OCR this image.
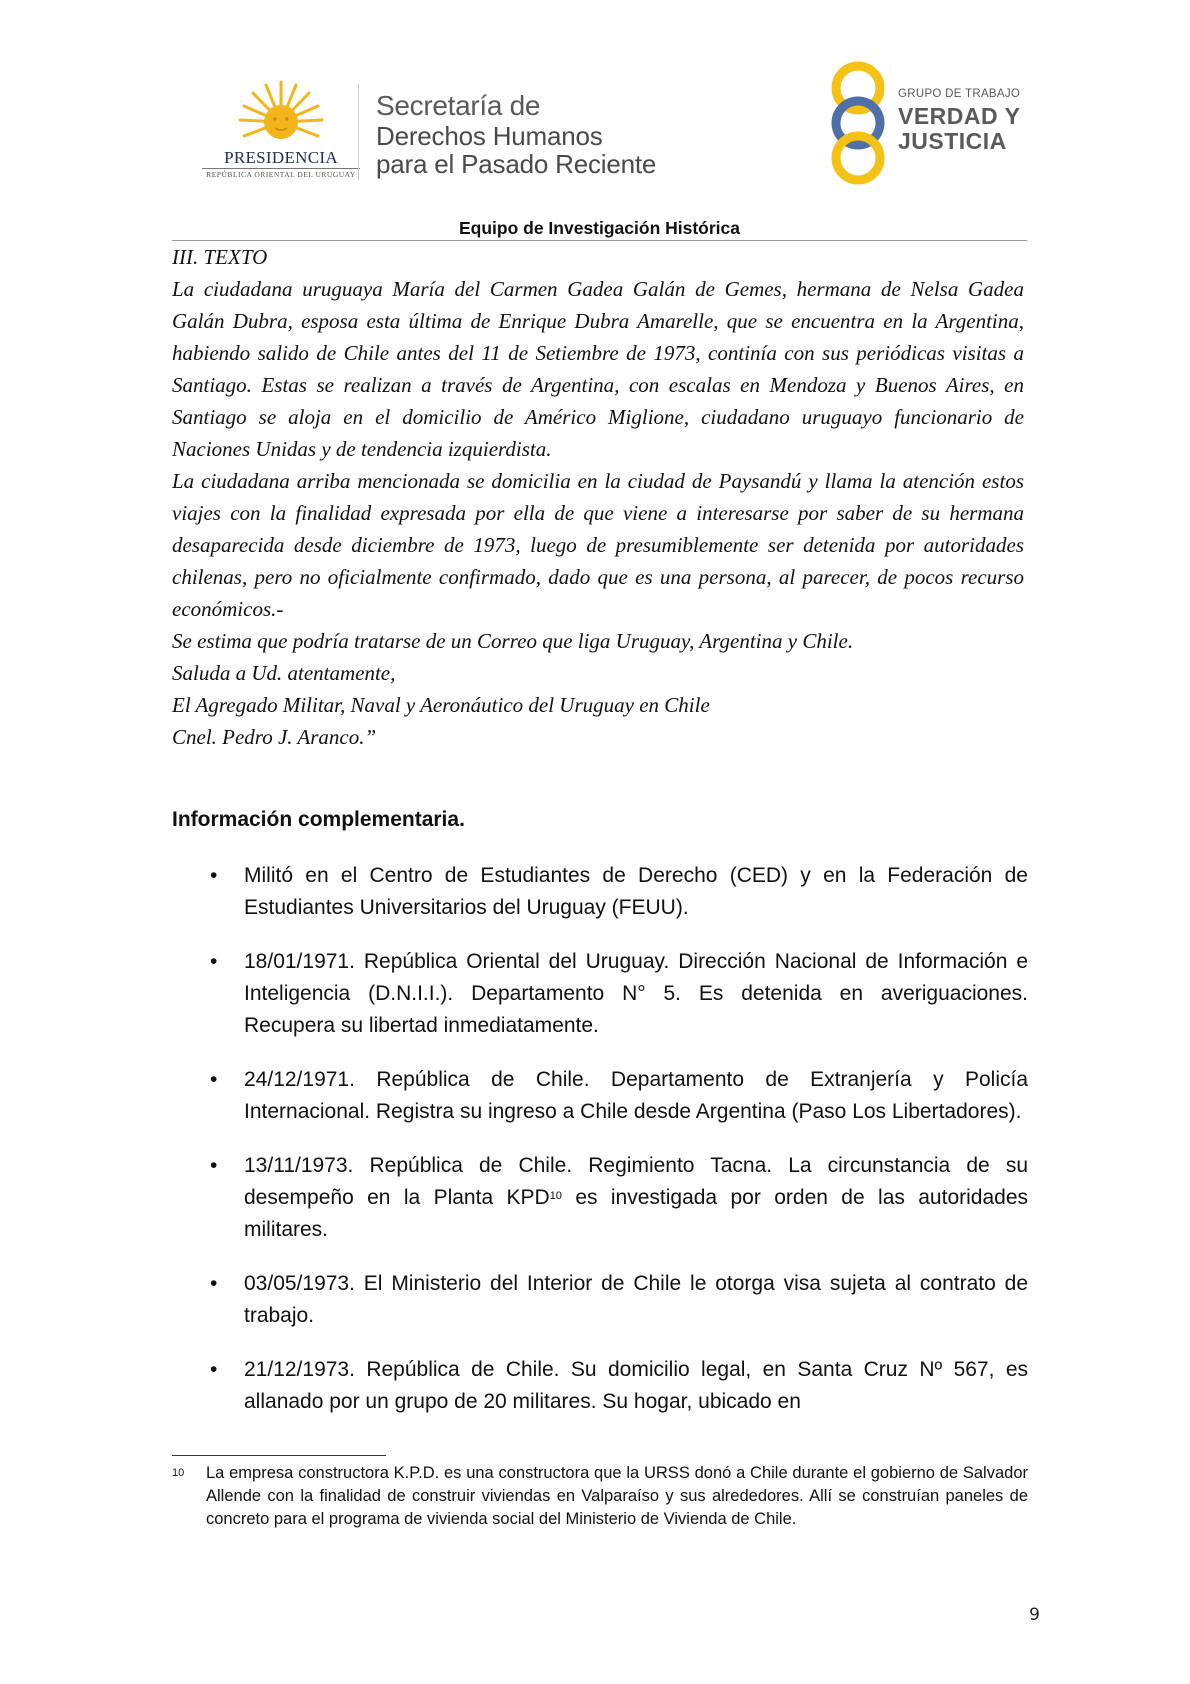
PRESIDENCIA
REPÚBLICA ORIENTAL DEL URUGUAY
Secretaría de
Derechos Humanos
para el Pasado Reciente
GRUPO DE TRABAJO
VERDAD Y
JUSTICIA
Equipo de Investigación Histórica

III. TEXTO

La ciudadana uruguaya María del Carmen Gadea Galán de Gemes, hermana de Nelsa Gadea Galán Dubra, esposa esta última de Enrique Dubra Amarelle, que se encuentra en la Argentina, habiendo salido de Chile antes del 11 de Setiembre de 1973, continía con sus periódicas visitas a Santiago. Estas se realizan a través de Argentina, con escalas en Mendoza y Buenos Aires, en Santiago se aloja en el domicilio de Américo Miglione, ciudadano uruguayo funcionario de Naciones Unidas y de tendencia izquierdista.

La ciudadana arriba mencionada se domicilia en la ciudad de Paysandú y llama la atención estos viajes con la finalidad expresada por ella de que viene a interesarse por saber de su hermana desaparecida desde diciembre de 1973, luego de presumiblemente ser detenida por autoridades chilenas, pero no oficialmente confirmado, dado que es una persona, al parecer, de pocos recurso económicos.-

Se estima que podría tratarse de un Correo que liga Uruguay, Argentina y Chile.

Saluda a Ud. atentamente,

El Agregado Militar, Naval y Aeronáutico del Uruguay en Chile

Cnel. Pedro J. Aranco.”

Información complementaria.
• Militó en el Centro de Estudiantes de Derecho (CED) y en la Federación de Estudiantes Universitarios del Uruguay (FEUU).
• 18/01/1971. República Oriental del Uruguay. Dirección Nacional de Información e Inteligencia (D.N.I.I.). Departamento N° 5. Es detenida en averiguaciones. Recupera su libertad inmediatamente.
• 24/12/1971. República de Chile. Departamento de Extranjería y Policía Internacional. Registra su ingreso a Chile desde Argentina (Paso Los Libertadores).
• 13/11/1973. República de Chile. Regimiento Tacna. La circunstancia de su desempeño en la Planta KPD$^{10}$ es investigada por orden de las autoridades militares.
• 03/05/1973. El Ministerio del Interior de Chile le otorga visa sujeta al contrato de trabajo.
• 21/12/1973. República de Chile. Su domicilio legal, en Santa Cruz Nº 567, es allanado por un grupo de 20 militares. Su hogar, ubicado en
10 La empresa constructora K.P.D. es una constructora que la URSS donó a Chile durante el gobierno de Salvador Allende con la finalidad de construir viviendas en Valparaíso y sus alrededores. Allí se construían paneles de concreto para el programa de vivienda social del Ministerio de Vivienda de Chile.
9
